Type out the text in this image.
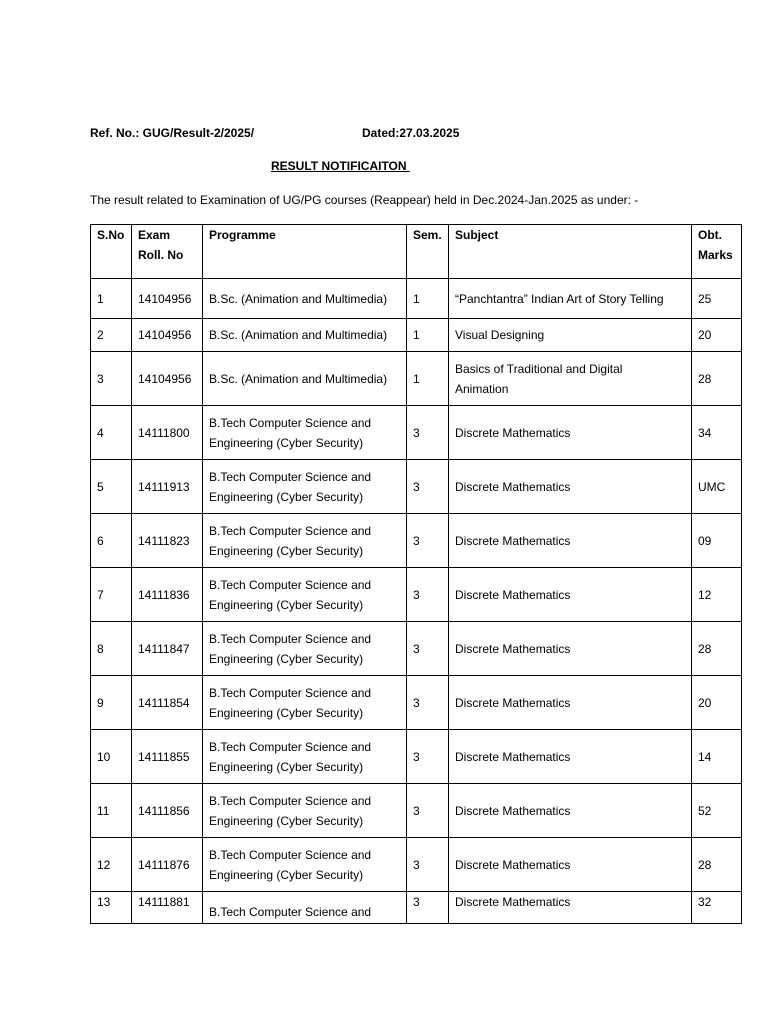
Ref. No.: GUG/Result-2/2025/	Dated:27.03.2025
RESULT NOTIFICAITON
The result related to Examination of UG/PG courses (Reappear) held in Dec.2024-Jan.2025 as under: -
S.No	Exam
Roll. No	Programme	Sem.	Subject	Obt.
Marks
1	14104956	B.Sc. (Animation and Multimedia)	1	“Panchtantra” Indian Art of Story Telling	25
2	14104956	B.Sc. (Animation and Multimedia)	1	Visual Designing	20
3	14104956	B.Sc. (Animation and Multimedia)	1	Basics of Traditional and Digital
Animation	28
4	14111800	B.Tech Computer Science and
Engineering (Cyber Security)	3	Discrete Mathematics	34
5	14111913	B.Tech Computer Science and
Engineering (Cyber Security)	3	Discrete Mathematics	UMC
6	14111823	B.Tech Computer Science and
Engineering (Cyber Security)	3	Discrete Mathematics	09
7	14111836	B.Tech Computer Science and
Engineering (Cyber Security)	3	Discrete Mathematics	12
8	14111847	B.Tech Computer Science and
Engineering (Cyber Security)	3	Discrete Mathematics	28
9	14111854	B.Tech Computer Science and
Engineering (Cyber Security)	3	Discrete Mathematics	20
10	14111855	B.Tech Computer Science and
Engineering (Cyber Security)	3	Discrete Mathematics	14
11	14111856	B.Tech Computer Science and
Engineering (Cyber Security)	3	Discrete Mathematics	52
12	14111876	B.Tech Computer Science and
Engineering (Cyber Security)	3	Discrete Mathematics	28
13	14111881	B.Tech Computer Science and	3	Discrete Mathematics	32
